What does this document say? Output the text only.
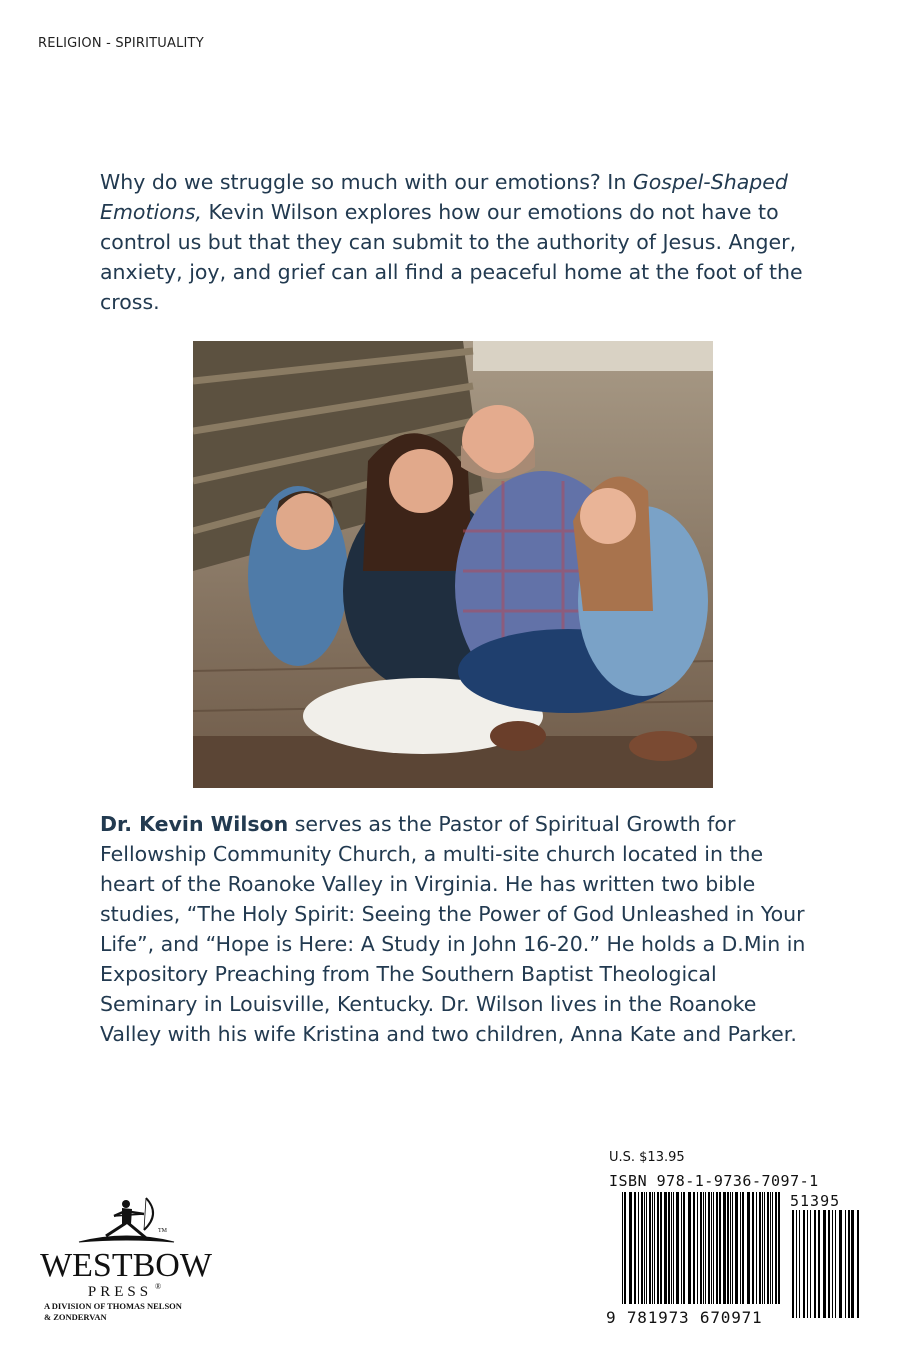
RELIGION - SPIRITUALITY
Why do we struggle so much with our emotions? In Gospel-Shaped Emotions, Kevin Wilson explores how our emotions do not have to control us but that they can submit to the authority of Jesus. Anger, anxiety, joy, and grief can all find a peaceful home at the foot of the cross.
Dr. Kevin Wilson serves as the Pastor of Spiritual Growth for Fellowship Community Church, a multi-site church located in the heart of the Roanoke Valley in Virginia. He has written two bible studies, “The Holy Spirit: Seeing the Power of God Unleashed in Your Life”, and “Hope is Here: A Study in John 16-20.” He holds a D.Min in Expository Preaching from The Southern Baptist Theological Seminary in Louisville, Kentucky. Dr. Wilson lives in the Roanoke Valley with his wife Kristina and two children, Anna Kate and Parker.
TM
WESTBOW
PRESS ®
A DIVISION OF THOMAS NELSON
& ZONDERVAN
U.S. $13.95
ISBN 978-1-9736-7097-1
51395
9 781973 670971
